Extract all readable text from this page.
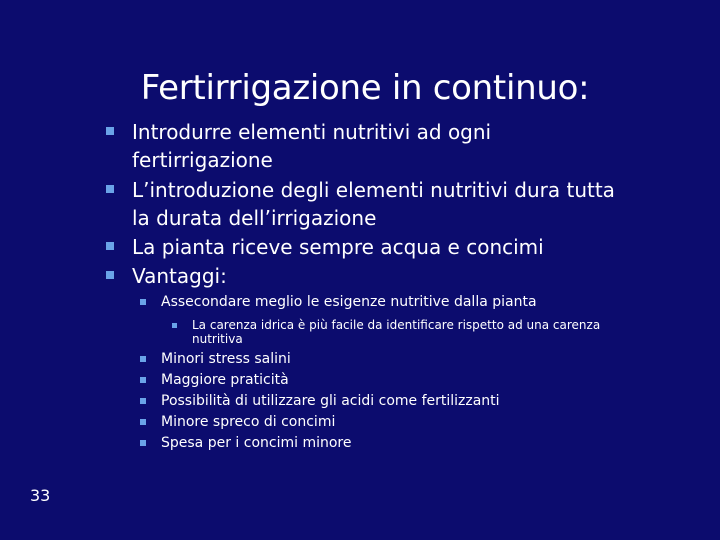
Fertirrigazione in continuo:
Introdurre elementi nutritivi ad ogni
fertirrigazione
L’introduzione degli elementi nutritivi dura tutta
la durata dell’irrigazione
La pianta riceve sempre acqua e concimi
Vantaggi:
Assecondare meglio le esigenze nutritive dalla pianta
La carenza idrica è più facile da identificare rispetto ad una carenza
nutritiva
Minori stress salini
Maggiore praticità
Possibilità di utilizzare gli acidi come fertilizzanti
Minore spreco di concimi
Spesa per i concimi minore
33
